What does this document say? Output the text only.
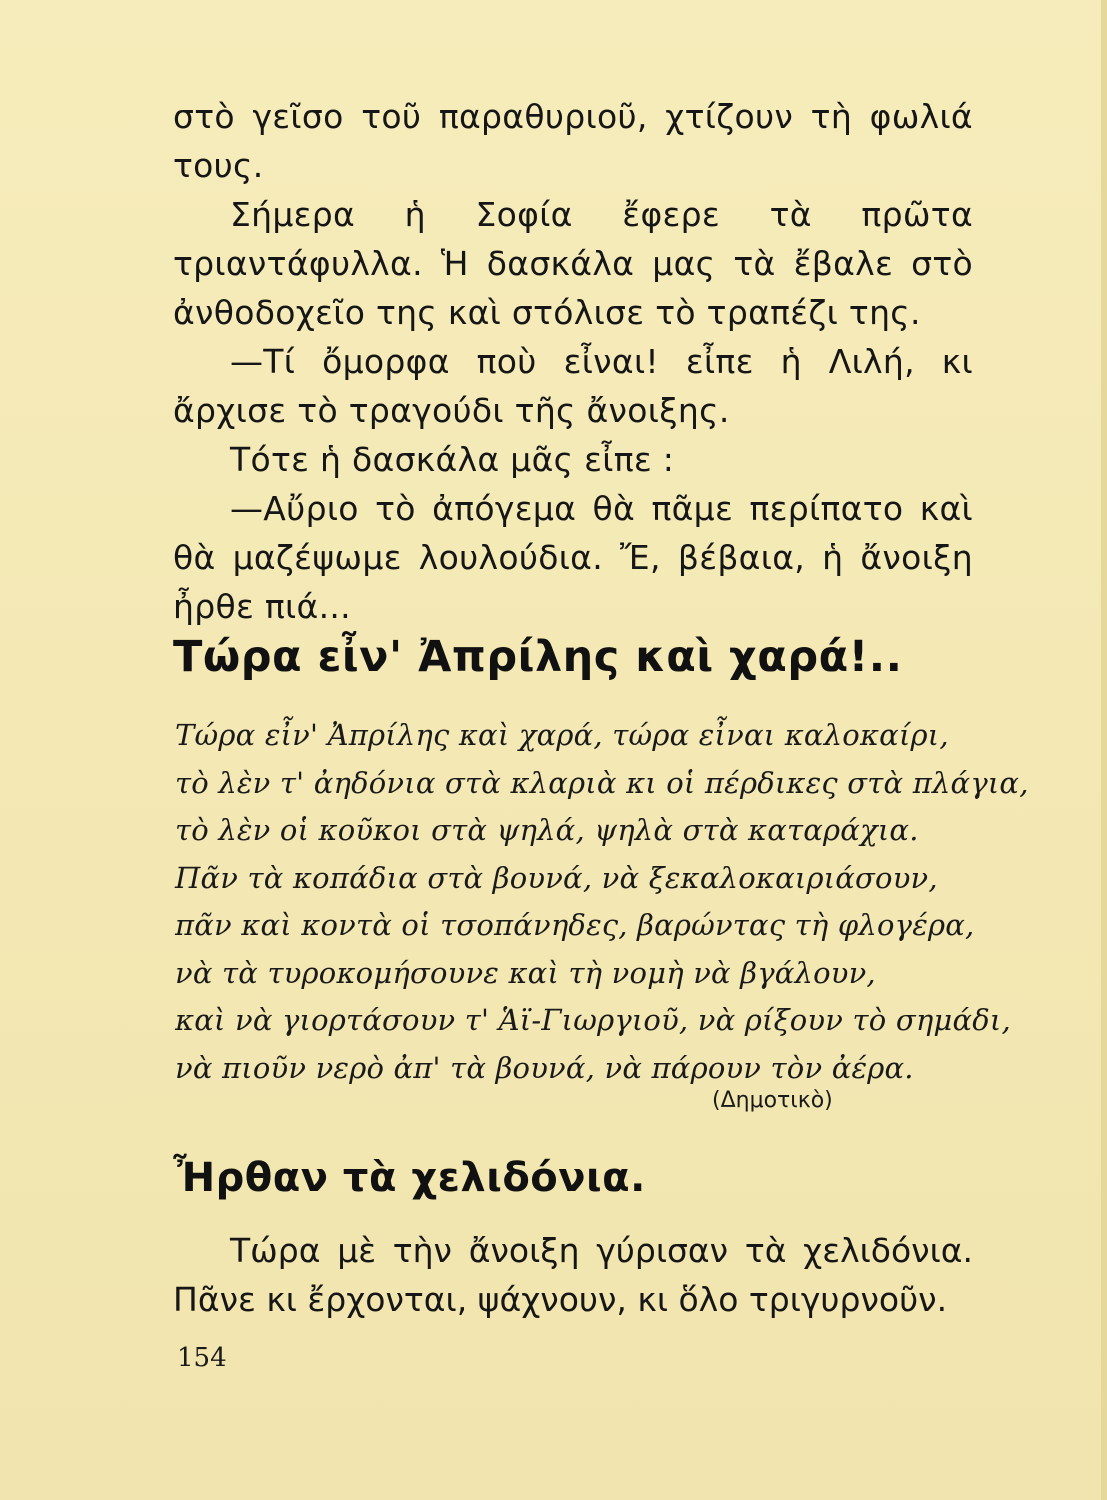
στὸ γεῖσο τοῦ παραθυριοῦ, χτίζουν τὴ φωλιά τους.

Σήμερα ἡ Σοφία ἔφερε τὰ πρῶτα τριαντάφυλλα. Ἡ δασκάλα μας τὰ ἔβαλε στὸ ἀνθοδοχεῖο της καὶ στόλισε τὸ τραπέζι της.

—Τί ὄμορφα ποὺ εἶναι! εἶπε ἡ Λιλή, κι ἄρχισε τὸ τραγούδι τῆς ἄνοιξης.

Τότε ἡ δασκάλα μᾶς εἶπε :

—Αὔριο τὸ ἀπόγεμα θὰ πᾶμε περίπατο καὶ θὰ μαζέψωμε λουλούδια. Ἔ, βέβαια, ἡ ἄνοιξη ἦρθε πιά...

Τώρα εἶν' Ἀπρίλης καὶ χαρά!..
Τώρα εἶν' Ἀπρίλης καὶ χαρά, τώρα εἶναι καλοκαίρι,
τὸ λὲν τ' ἀηδόνια στὰ κλαριὰ κι οἱ πέρδικες στὰ πλάγια,
τὸ λὲν οἱ κοῦκοι στὰ ψηλά, ψηλὰ στὰ καταράχια.
Πᾶν τὰ κοπάδια στὰ βουνά, νὰ ξεκαλοκαιριάσουν,
πᾶν καὶ κοντὰ οἱ τσοπάνηδες, βαρώντας τὴ φλογέρα,
νὰ τὰ τυροκομήσουνε καὶ τὴ νομὴ νὰ βγάλουν,
καὶ νὰ γιορτάσουν τ' Ἁϊ-Γιωργιοῦ, νὰ ρίξουν τὸ σημάδι,
νὰ πιοῦν νερὸ ἀπ' τὰ βουνά, νὰ πάρουν τὸν ἀέρα.
(Δημοτικὸ)
Ἦρθαν τὰ χελιδόνια.

Τώρα μὲ τὴν ἄνοιξη γύρισαν τὰ χελιδόνια. Πᾶνε κι ἔρχονται, ψάχνουν, κι ὅλο τριγυρνοῦν.

154
